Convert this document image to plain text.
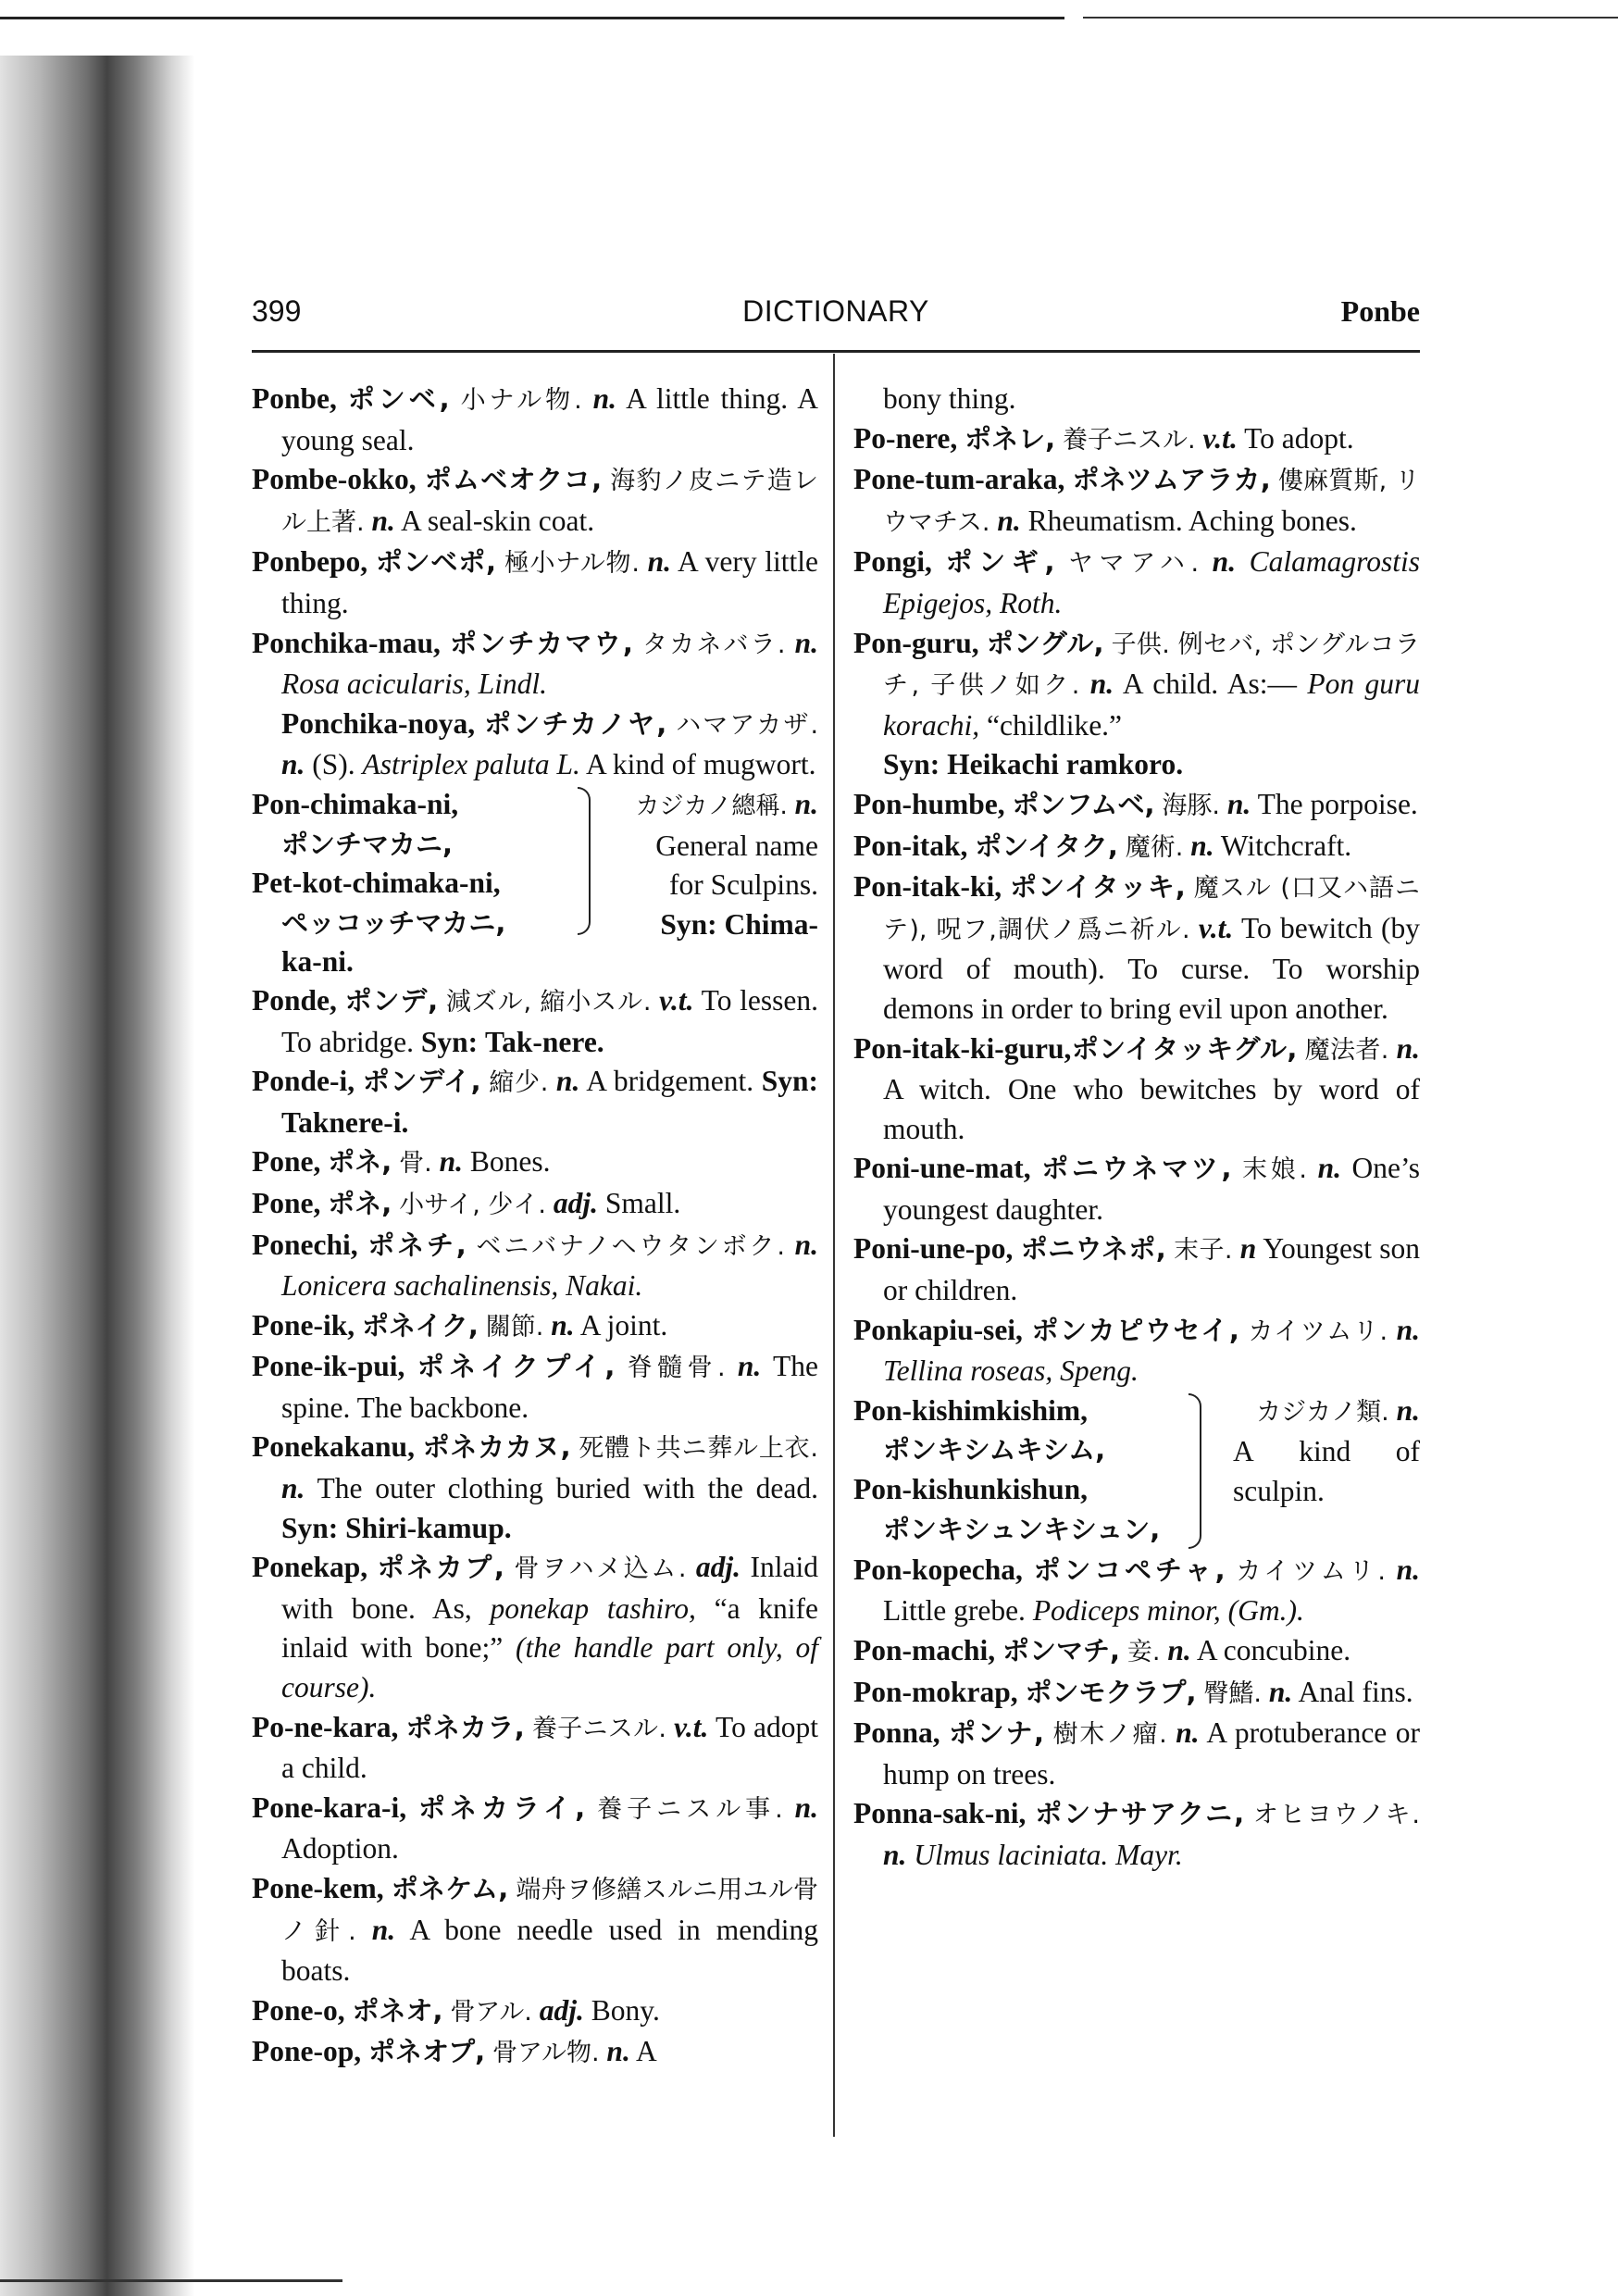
399	DICTIONARY	Ponbe
Ponbe, ポンベ, 小ナル物. n. A little thing. A young seal.
Pombe-okko, ポムベオクコ, 海豹ノ皮ニテ造レル上著. n. A seal-skin coat.
Ponbepo, ポンベポ, 極小ナル物. n. A very little thing.
Ponchika-mau, ポンチカマウ, タカネバラ. n. Rosa acicularis, Lindl.
Ponchika-noya, ポンチカノヤ, ハマアカザ. n. (S). Astriplex paluta L. A kind of mugwort.
Pon-chimaka-ni,
ポンチマカニ,
Pet-kot-chimaka-ni,
ペッコッチマカニ,
カジカノ總稱. n.
General name
for Sculpins.
Syn: Chima-
ka-ni.
Ponde, ポンデ, 減ズル, 縮小スル. v.t. To lessen. To abridge. Syn: Tak-nere.
Ponde-i, ポンデイ, 縮少. n. A bridgement. Syn: Taknere-i.
Pone, ポネ, 骨. n. Bones.
Pone, ポネ, 小サイ, 少イ. adj. Small.
Ponechi, ポネチ, ベニバナノヘウタンボク. n. Lonicera sachalinensis, Nakai.
Pone-ik, ポネイク, 關節. n. A joint.
Pone-ik-pui, ポネイクプイ, 脊髓骨. n. The spine. The backbone.
Ponekakanu, ポネカカヌ, 死體ト共ニ葬ル上衣. n. The outer clothing buried with the dead. Syn: Shiri-kamup.
Ponekap, ポネカプ, 骨ヲハメ込ム. adj. Inlaid with bone. As, ponekap tashiro, “a knife inlaid with bone;” (the handle part only, of course).
Po-ne-kara, ポネカラ, 養子ニスル. v.t. To adopt a child.
Pone-kara-i, ポネカライ, 養子ニスル事. n. Adoption.
Pone-kem, ポネケム, 端舟ヲ修繕スルニ用ユル骨ノ針. n. A bone needle used in mending boats.
Pone-o, ポネオ, 骨アル. adj. Bony.
Pone-op, ポネオプ, 骨アル物. n. A
bony thing.
Po-nere, ポネレ, 養子ニスル. v.t. To adopt.
Pone-tum-araka, ポネツムアラカ, 僂麻質斯, リウマチス. n. Rheumatism. Aching bones.
Pongi, ポンギ, ヤマアハ. n. Calamagrostis Epigejos, Roth.
Pon-guru, ポングル, 子供. 例セバ, ポングルコラチ, 子供ノ如ク. n. A child. As:— Pon guru korachi, “childlike.”
Syn: Heikachi ramkoro.
Pon-humbe, ポンフムベ, 海豚. n. The porpoise.
Pon-itak, ポンイタク, 魔術. n. Witchcraft.
Pon-itak-ki, ポンイタッキ, 魔スル (口又ハ語ニテ), 呪フ,調伏ノ爲ニ祈ル. v.t. To bewitch (by word of mouth). To curse. To worship demons in order to bring evil upon another.
Pon-itak-ki-guru,ポンイタッキグル, 魔法者. n. A witch. One who bewitches by word of mouth.
Poni-une-mat, ポニウネマツ, 末娘. n. One’s youngest daughter.
Poni-une-po, ポニウネポ, 末子. n Youngest son or children.
Ponkapiu-sei, ポンカピウセイ, カイツムリ. n. Tellina roseas, Speng.
Pon-kishimkishim,
ポンキシムキシム,
Pon-kishunkishun,
ポンキシュンキシュン,
カジカノ類. n.
A kind of
sculpin.
Pon-kopecha, ポンコペチャ, カイツムリ. n. Little grebe. Podiceps minor, (Gm.).
Pon-machi, ポンマチ, 妾. n. A concubine.
Pon-mokrap, ポンモクラプ, 臀鰭. n. Anal fins.
Ponna, ポンナ, 樹木ノ瘤. n. A protuberance or hump on trees.
Ponna-sak-ni, ポンナサアクニ, オヒヨウノキ. n. Ulmus laciniata. Mayr.
